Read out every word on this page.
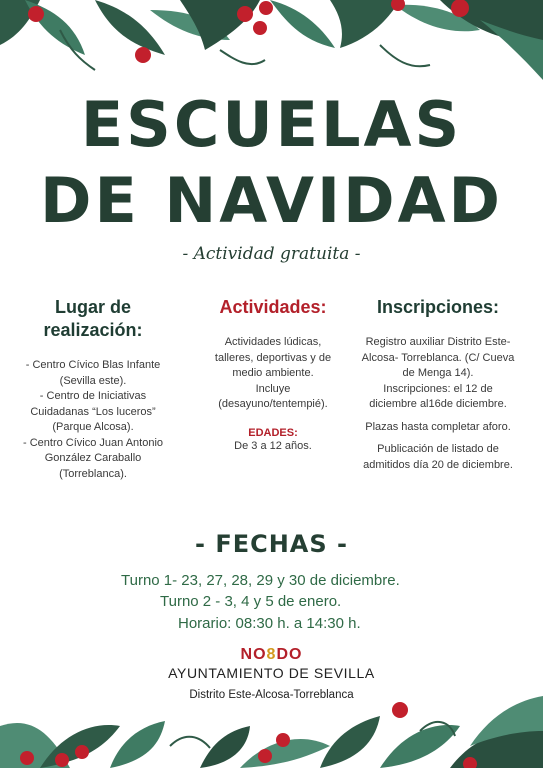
ESCUELAS
DE NAVIDAD
- Actividad gratuita -
Lugar de
realización:
- Centro Cívico Blas Infante
(Sevilla este).
- Centro de Iniciativas
Cuidadanas “Los luceros”
(Parque Alcosa).
- Centro Cívico Juan Antonio
González Caraballo
(Torreblanca).
Actividades:
Actividades lúdicas,
talleres, deportivas y de
medio ambiente.
Incluye
(desayuno/tentempié).
EDADES:
De 3 a 12 años.
Inscripciones:
Registro auxiliar Distrito Este-
Alcosa- Torreblanca. (C/ Cueva
de Menga 14).
Inscripciones: el 12 de
diciembre al16de diciembre.
Plazas hasta completar aforo.
Publicación de listado de
admitidos día 20 de diciembre.
- FECHAS -
Turno 1- 23, 27, 28, 29 y 30 de diciembre.
Turno 2 - 3, 4 y 5 de enero.
Horario: 08:30 h. a 14:30 h.
NO8DO
AYUNTAMIENTO DE SEVILLA
Distrito Este-Alcosa-Torreblanca
